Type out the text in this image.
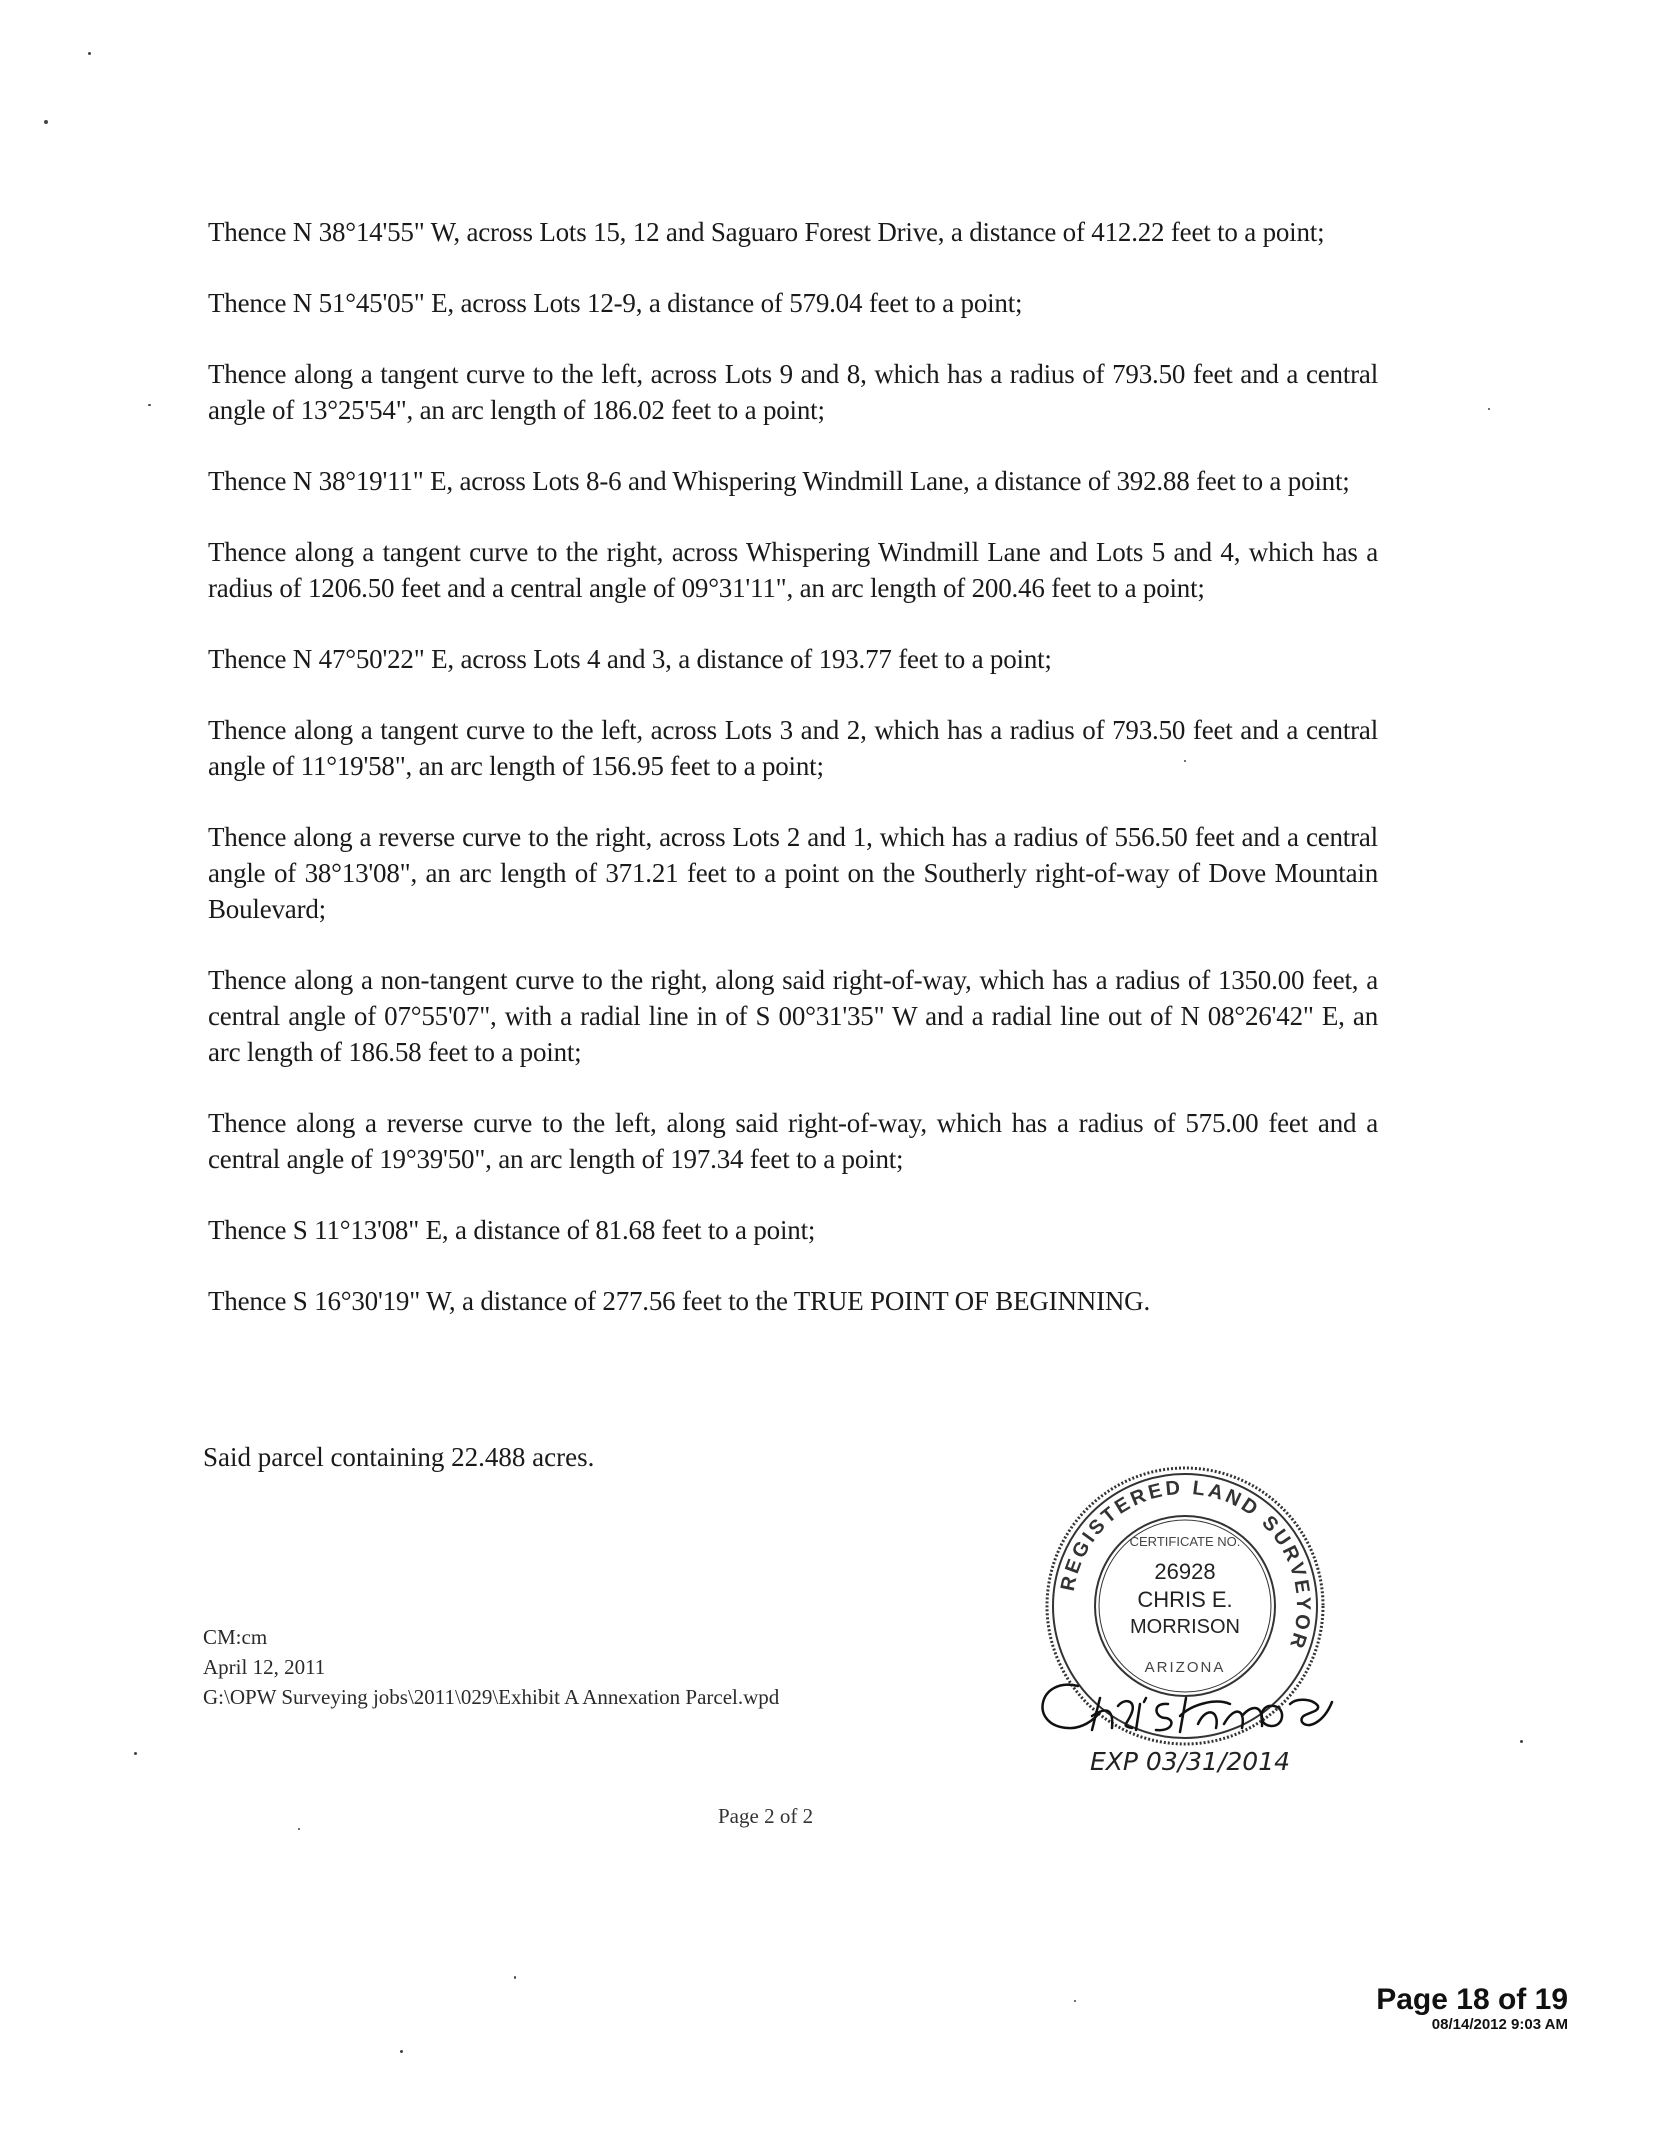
Thence N 38°14'55" W, across Lots 15, 12 and Saguaro Forest Drive, a distance of 412.22 feet to a point;

Thence N 51°45'05" E, across Lots 12-9, a distance of 579.04 feet to a point;

Thence along a tangent curve to the left, across Lots 9 and 8, which has a radius of 793.50 feet and a central angle of 13°25'54", an arc length of 186.02 feet to a point;

Thence N 38°19'11" E, across Lots 8-6 and Whispering Windmill Lane, a distance of 392.88 feet to a point;

Thence along a tangent curve to the right, across Whispering Windmill Lane and Lots 5 and 4, which has a radius of 1206.50 feet and a central angle of 09°31'11", an arc length of 200.46 feet to a point;

Thence N 47°50'22" E, across Lots 4 and 3, a distance of 193.77 feet to a point;

Thence along a tangent curve to the left, across Lots 3 and 2, which has a radius of 793.50 feet and a central angle of 11°19'58", an arc length of 156.95 feet to a point;

Thence along a reverse curve to the right, across Lots 2 and 1, which has a radius of 556.50 feet and a central angle of 38°13'08", an arc length of 371.21 feet to a point on the Southerly right-of-way of Dove Mountain Boulevard;

Thence along a non-tangent curve to the right, along said right-of-way, which has a radius of 1350.00 feet, a central angle of 07°55'07", with a radial line in of S 00°31'35" W and a radial line out of N 08°26'42" E, an arc length of 186.58 feet to a point;

Thence along a reverse curve to the left, along said right-of-way, which has a radius of 575.00 feet and a central angle of 19°39'50", an arc length of 197.34 feet to a point;

Thence S 11°13'08" E, a distance of 81.68 feet to a point;

Thence S 16°30'19" W, a distance of 277.56 feet to the TRUE POINT OF BEGINNING.

Said parcel containing 22.488 acres.
CM:cm
April 12, 2011
G:\OPW Surveying jobs\2011\029\Exhibit A Annexation Parcel.wpd
Page 2 of 2
REGISTERED LAND SURVEYOR
CERTIFICATE NO.
26928
CHRIS E.
MORRISON
ARIZONA
EXP 03/31/2014
Page 18 of 19
08/14/2012 9:03 AM
